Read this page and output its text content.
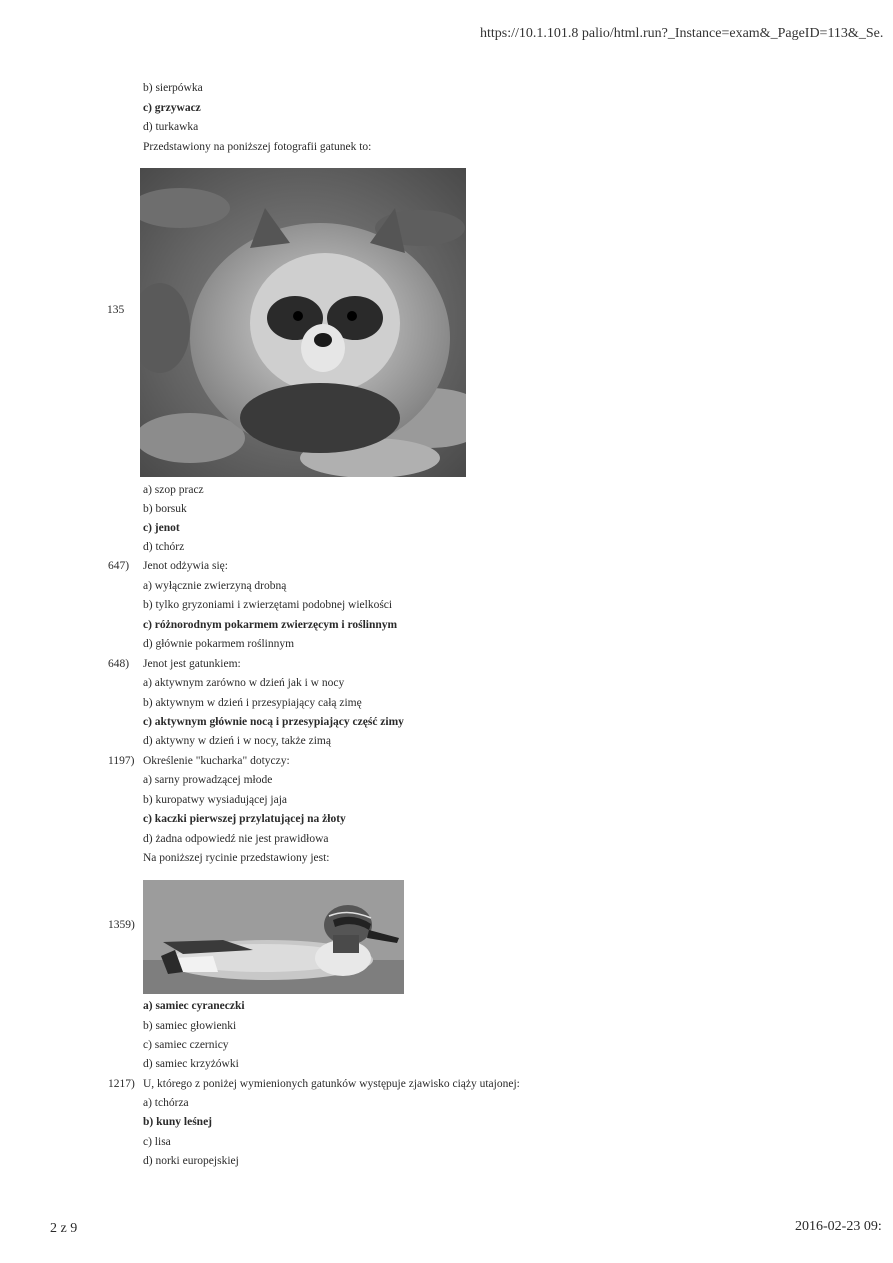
https://10.1.101.8 palio/html.run?_Instance=exam&_PageID=113&_Se.
b) sierpówka
c) grzywacz
d) turkawka
Przedstawiony na poniższej fotografii gatunek to:
135
a) szop pracz
b) borsuk
c) jenot
d) tchórz
647) Jenot odżywia się:
a) wyłącznie zwierzyną drobną
b) tylko gryzoniami i zwierzętami podobnej wielkości
c) różnorodnym pokarmem zwierzęcym i roślinnym
d) głównie pokarmem roślinnym
648) Jenot jest gatunkiem:
a) aktywnym zarówno w dzień jak i w nocy
b) aktywnym w dzień i przesypiający całą zimę
c) aktywnym głównie nocą i przesypiający część zimy
d) aktywny w dzień i w nocy, także zimą
1197) Określenie "kucharka" dotyczy:
a) sarny prowadzącej młode
b) kuropatwy wysiadującej jaja
c) kaczki pierwszej przylatującej na żłoty
d) żadna odpowiedź nie jest prawidłowa
Na poniższej rycinie przedstawiony jest:
1359)
a) samiec cyraneczki
b) samiec głowienki
c) samiec czernicy
d) samiec krzyżówki
1217) U, którego z poniżej wymienionych gatunków występuje zjawisko ciąży utajonej:
a) tchórza
b) kuny leśnej
c) lisa
d) norki europejskiej
2 z 9	2016-02-23 09:
